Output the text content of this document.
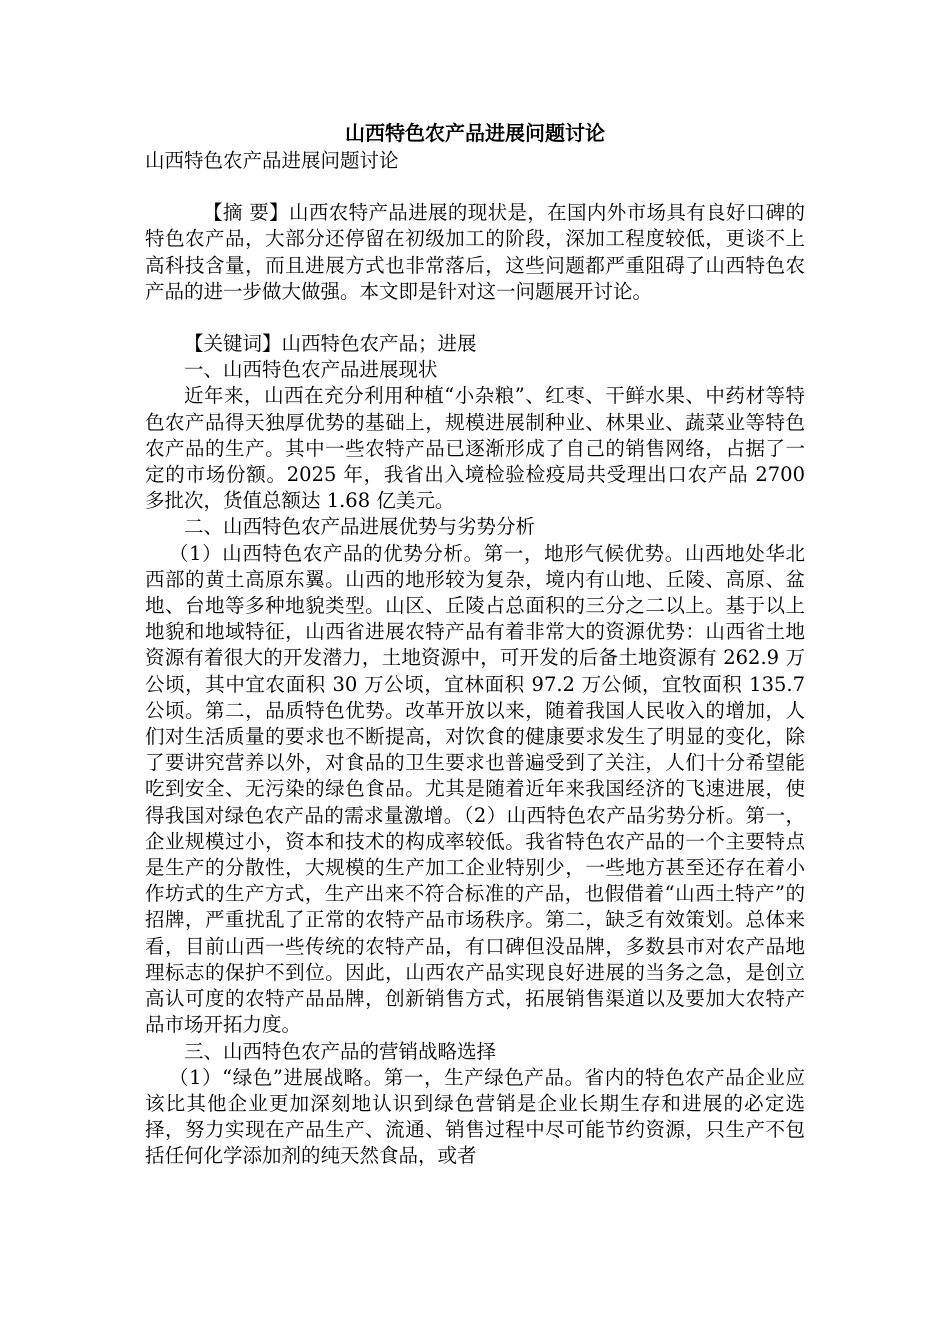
山西特色农产品进展问题讨论

山西特色农产品进展问题讨论

【摘 要】山西农特产品进展的现状是，在国内外市场具有良好口碑的特色农产品，大部分还停留在初级加工的阶段，深加工程度较低，更谈不上高科技含量，而且进展方式也非常落后，这些问题都严重阻碍了山西特色农产品的进一步做大做强。本文即是针对这一问题展开讨论。

【关键词】山西特色农产品；进展

一、山西特色农产品进展现状

近年来，山西在充分利用种植“小杂粮”、红枣、干鲜水果、中药材等特色农产品得天独厚优势的基础上，规模进展制种业、林果业、蔬菜业等特色农产品的生产。其中一些农特产品已逐渐形成了自己的销售网络，占据了一定的市场份额。2025 年，我省出入境检验检疫局共受理出口农产品 2700 多批次，货值总额达 1.68 亿美元。

二、山西特色农产品进展优势与劣势分析

（1）山西特色农产品的优势分析。第一，地形气候优势。山西地处华北西部的黄土高原东翼。山西的地形较为复杂，境内有山地、丘陵、高原、盆地、台地等多种地貌类型。山区、丘陵占总面积的三分之二以上。基于以上地貌和地域特征，山西省进展农特产品有着非常大的资源优势：山西省土地资源有着很大的开发潜力，土地资源中，可开发的后备土地资源有 262.9 万公顷，其中宜农面积 30 万公顷，宜林面积 97.2 万公倾，宜牧面积 135.7 公顷。第二，品质特色优势。改革开放以来，随着我国人民收入的增加，人们对生活质量的要求也不断提高，对饮食的健康要求发生了明显的变化，除了要讲究营养以外，对食品的卫生要求也普遍受到了关注，人们十分希望能吃到安全、无污染的绿色食品。尤其是随着近年来我国经济的飞速进展，使得我国对绿色农产品的需求量激增。（2）山西特色农产品劣势分析。第一，企业规模过小，资本和技术的构成率较低。我省特色农产品的一个主要特点是生产的分散性，大规模的生产加工企业特别少，一些地方甚至还存在着小作坊式的生产方式，生产出来不符合标准的产品，也假借着“山西土特产”的招牌，严重扰乱了正常的农特产品市场秩序。第二，缺乏有效策划。总体来看，目前山西一些传统的农特产品，有口碑但没品牌，多数县市对农产品地理标志的保护不到位。因此，山西农产品实现良好进展的当务之急，是创立高认可度的农特产品品牌，创新销售方式，拓展销售渠道以及要加大农特产品市场开拓力度。

三、山西特色农产品的营销战略选择

（1）“绿色”进展战略。第一，生产绿色产品。省内的特色农产品企业应该比其他企业更加深刻地认识到绿色营销是企业长期生存和进展的必定选择，努力实现在产品生产、流通、销售过程中尽可能节约资源，只生产不包括任何化学添加剂的纯天然食品，或者
